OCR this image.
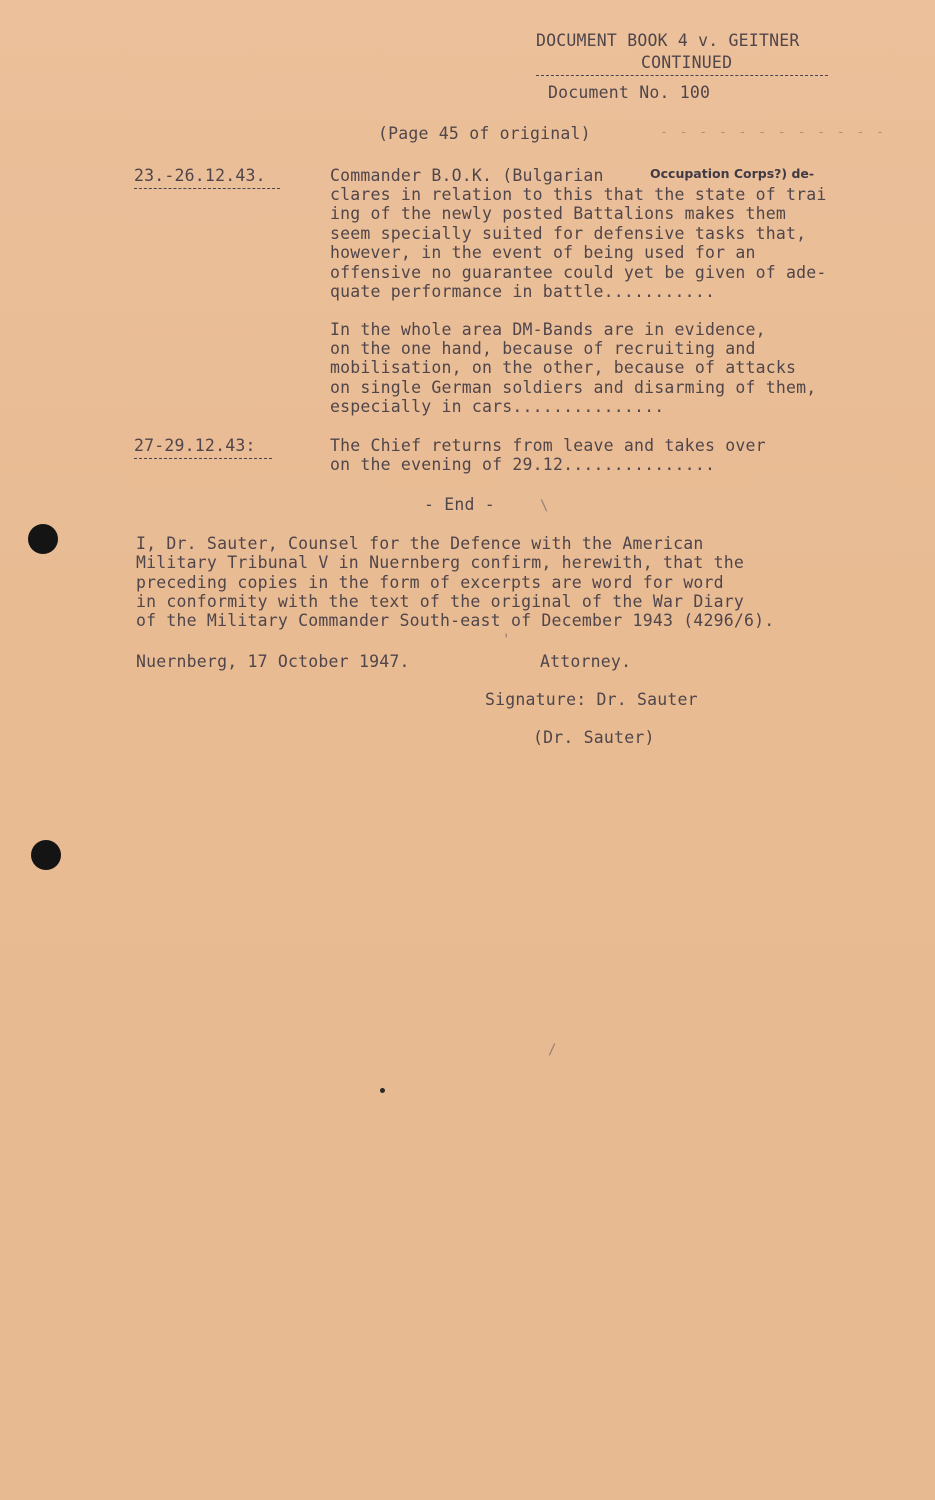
DOCUMENT BOOK 4 v. GEITNER
CONTINUED
Document No. 100
(Page 45 of original)	- - - - - - - - - - - -
23.-26.12.43.	Commander B.O.K. (Bulgarian	Occupation Corps?) de-
clares in relation to this that the state of trai
ing of the newly posted Battalions makes them
seem specially suited for defensive tasks that,
however, in the event of being used for an
offensive no guarantee could yet be given of ade-
quate performance in battle...........
In the whole area DM-Bands are in evidence,
on the one hand, because of recruiting and
mobilisation, on the other, because of attacks
on single German soldiers and disarming of them,
especially in cars...............
27-29.12.43:	The Chief returns from leave and takes over
on the evening of 29.12...............
- End -	\
I, Dr. Sauter, Counsel for the Defence with the American
Military Tribunal V in Nuernberg confirm, herewith, that the
preceding copies in the form of excerpts are word for word
in conformity with the text of the original of the War Diary
of the Military Commander South-east of December 1943 (4296/6).
Nuernberg, 17 October 1947.	Attorney.
Signature: Dr. Sauter
(Dr. Sauter)
/
'
